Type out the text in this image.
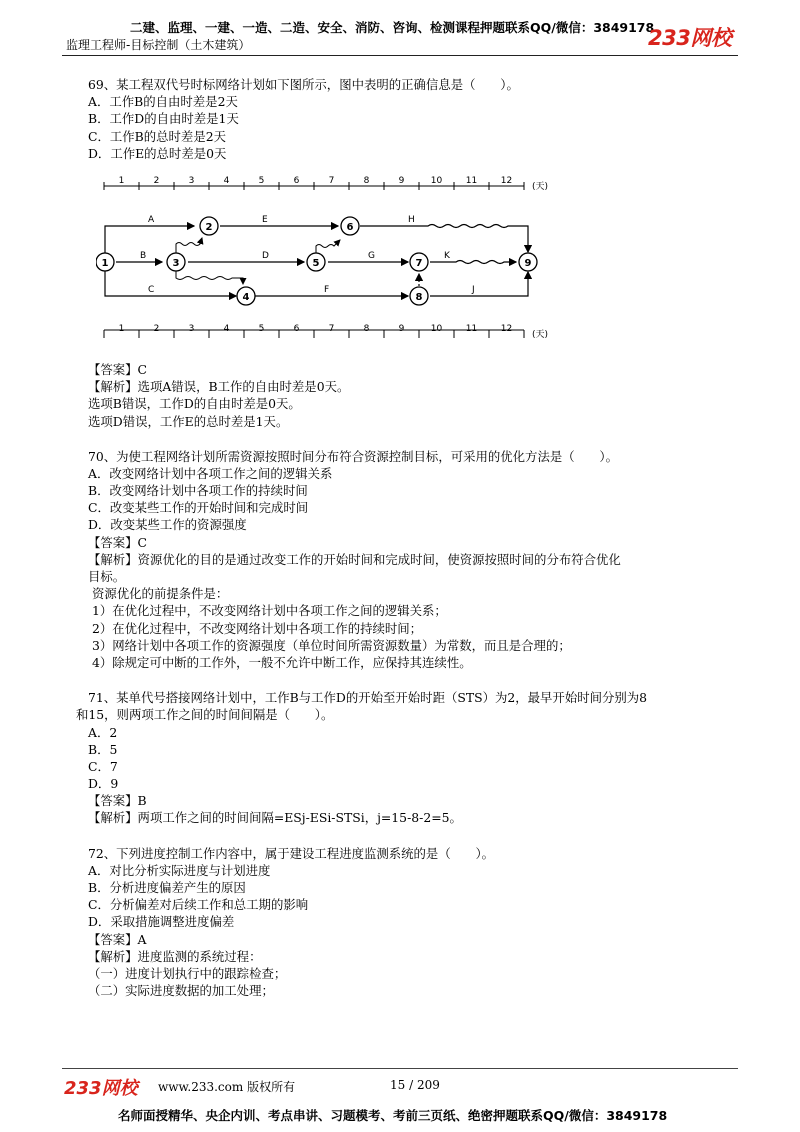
二建、监理、一建、一造、二造、安全、消防、咨询、检测课程押题联系QQ/微信：3849178
监理工程师-目标控制（土木建筑）	233网校
69、某工程双代号时标网络计划如下图所示，图中表明的正确信息是（　　）。
A．工作B的自由时差是2天
B．工作D的自由时差是1天
C．工作B的总时差是2天
D．工作E的总时差是0天
【答案】C
【解析】选项A错误，B工作的自由时差是0天。
选项B错误，工作D的自由时差是0天。
选项D错误，工作E的总时差是1天。
70、为使工程网络计划所需资源按照时间分布符合资源控制目标，可采用的优化方法是（　　）。
A．改变网络计划中各项工作之间的逻辑关系
B．改变网络计划中各项工作的持续时间
C．改变某些工作的开始时间和完成时间
D．改变某些工作的资源强度
【答案】C
【解析】资源优化的目的是通过改变工作的开始时间和完成时间，使资源按照时间的分布符合优化
目标。
资源优化的前提条件是：
1）在优化过程中，不改变网络计划中各项工作之间的逻辑关系；
2）在优化过程中，不改变网络计划中各项工作的持续时间；
3）网络计划中各项工作的资源强度（单位时间所需资源数量）为常数，而且是合理的；
4）除规定可中断的工作外，一般不允许中断工作，应保持其连续性。
71、某单代号搭接网络计划中，工作B与工作D的开始至开始时距（STS）为2，最早开始时间分别为8
和15，则两项工作之间的时间间隔是（　　）。
A．2
B．5
C．7
D．9
【答案】B
【解析】两项工作之间的时间间隔=ESj-ESi-STSi，j=15-8-2=5。
72、下列进度控制工作内容中，属于建设工程进度监测系统的是（　　）。
A．对比分析实际进度与计划进度
B．分析进度偏差产生的原因
C．分析偏差对后续工作和总工期的影响
D．采取措施调整进度偏差
【答案】A
【解析】进度监测的系统过程：
（一）进度计划执行中的跟踪检查；
（二）实际进度数据的加工处理；
1	2	3	4	5	6	7	8	9	10	11	12
(天)
1	2	3	4	5	6	7	8	9	10	11	12
(天)
A
B
C
E
D	G
F
H
K
J
1
2
3
4
5
6
7
8
9
233网校 www.233.com 版权所有	15 / 209
名师面授精华、央企内训、考点串讲、习题模考、考前三页纸、绝密押题联系QQ/微信：3849178
